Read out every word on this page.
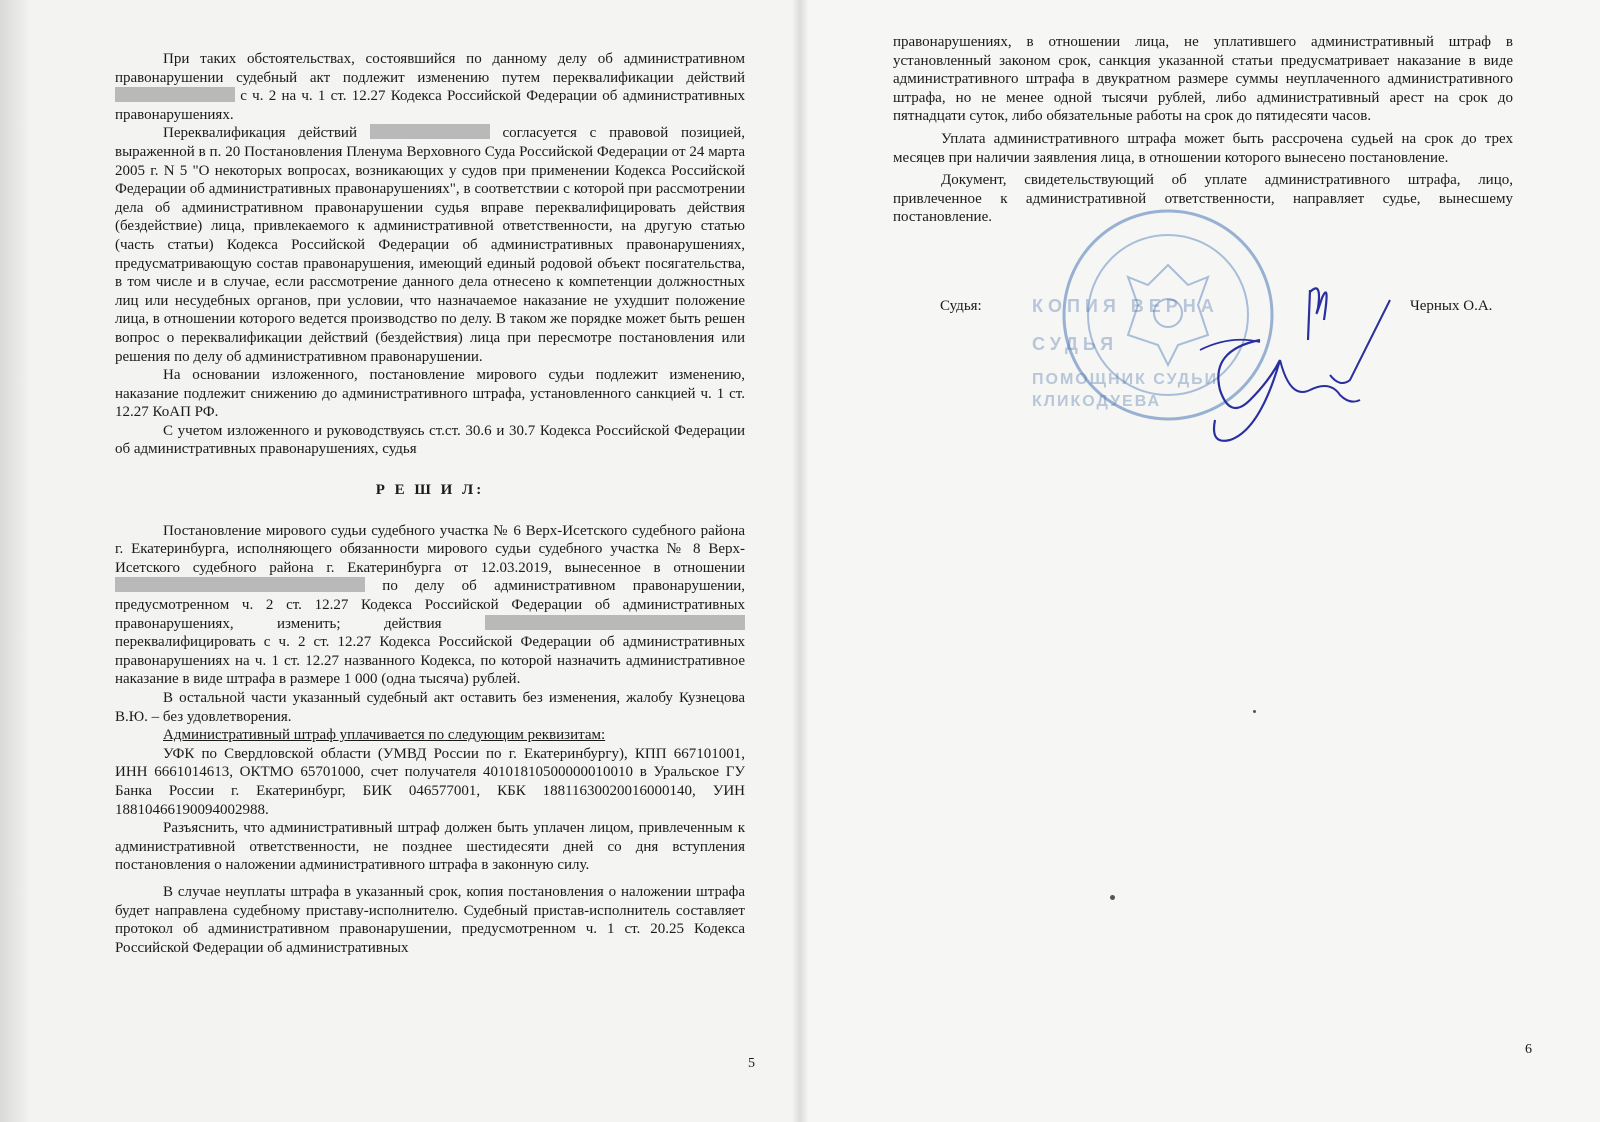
При таких обстоятельствах, состоявшийся по данному делу об административном правонарушении судебный акт подлежит изменению путем переквалификации действий  с ч. 2 на ч. 1 ст. 12.27 Кодекса Российской Федерации об административных правонарушениях.

Переквалификация действий	согласуется с правовой позицией, выраженной в п. 20 Постановления Пленума Верховного Суда Российской Федерации от 24 марта 2005 г. N 5 "О некоторых вопросах, возникающих у судов при применении Кодекса Российской Федерации об административных правонарушениях", в соответствии с которой при рассмотрении дела об административном правонарушении судья вправе переквалифицировать действия (бездействие) лица, привлекаемого к административной ответственности, на другую статью (часть статьи) Кодекса Российской Федерации об административных правонарушениях, предусматривающую состав правонарушения, имеющий единый родовой объект посягательства, в том числе и в случае, если рассмотрение данного дела отнесено к компетенции должностных лиц или несудебных органов, при условии, что назначаемое наказание не ухудшит положение лица, в отношении которого ведется производство по делу. В таком же порядке может быть решен вопрос о переквалификации действий (бездействия) лица при пересмотре постановления или решения по делу об административном правонарушении.

На основании изложенного, постановление мирового судьи подлежит изменению, наказание подлежит снижению до административного штрафа, установленного санкцией ч. 1 ст. 12.27 КоАП РФ.

С учетом изложенного и руководствуясь ст.ст. 30.6 и 30.7 Кодекса Российской Федерации об административных правонарушениях, судья

Р Е Ш И Л:

Постановление мирового судьи судебного участка № 6 Верх-Исетского судебного района г. Екатеринбурга, исполняющего обязанности мирового судьи судебного участка № 8 Верх-Исетского судебного района г. Екатеринбурга от 12.03.2019, вынесенное в отношении  по делу об административном правонарушении, предусмотренном ч. 2 ст. 12.27 Кодекса Российской Федерации об административных правонарушениях, изменить; действия  переквалифицировать с ч. 2 ст. 12.27 Кодекса Российской Федерации об административных правонарушениях на ч. 1 ст. 12.27 названного Кодекса, по которой назначить административное наказание в виде штрафа в размере 1 000 (одна тысяча) рублей.

В остальной части указанный судебный акт оставить без изменения, жалобу Кузнецова В.Ю. – без удовлетворения.

Административный штраф уплачивается по следующим реквизитам:

УФК по Свердловской области (УМВД России по г. Екатеринбургу), КПП 667101001, ИНН 6661014613, ОКТМО 65701000, счет получателя 40101810500000010010 в Уральское ГУ Банка России г. Екатеринбург, БИК 046577001, КБК 18811630020016000140, УИН 18810466190094002988.

Разъяснить, что административный штраф должен быть уплачен лицом, привлеченным к административной ответственности, не позднее шестидесяти дней со дня вступления постановления о наложении административного штрафа в законную силу.

В случае неуплаты штрафа в указанный срок, копия постановления о наложении штрафа будет направлена судебному приставу-исполнителю. Судебный пристав-исполнитель составляет протокол об административном правонарушении, предусмотренном ч. 1 ст. 20.25 Кодекса Российской Федерации об административных

5

правонарушениях, в отношении лица, не уплатившего административный штраф в установленный законом срок, санкция указанной статьи предусматривает наказание в виде административного штрафа в двукратном размере суммы неуплаченного административного штрафа, но не менее одной тысячи рублей, либо административный арест на срок до пятнадцати суток, либо обязательные работы на срок до пятидесяти часов.

Уплата административного штрафа может быть рассрочена судьей на срок до трех месяцев при наличии заявления лица, в отношении которого вынесено постановление.

Документ, свидетельствующий об уплате административного штрафа, лицо, привлеченное к административной ответственности, направляет судье, вынесшему постановление.

КОПИЯ ВЕРНА
СУДЬЯ
ПОМОЩНИК СУДЬИ
КЛИКОДУЕВА
Судья:	Черных О.А.
6
